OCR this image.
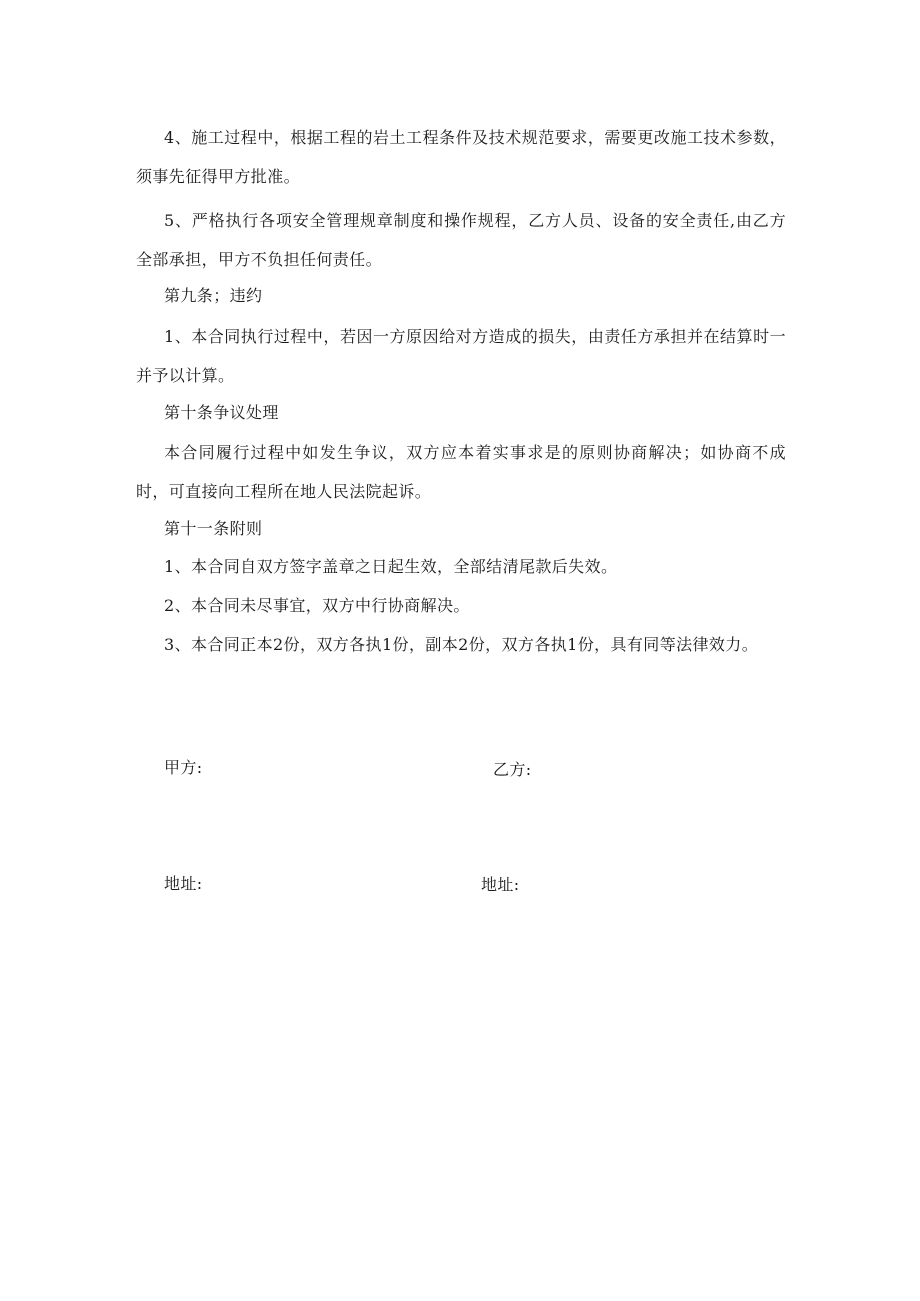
4、施工过程中，根据工程的岩土工程条件及技术规范要求，需要更改施工技术参数，须事先征得甲方批准。

5、严格执行各项安全管理规章制度和操作规程，乙方人员、设备的安全责任,由乙方全部承担，甲方不负担任何责任。

第九条；违约

1、本合同执行过程中，若因一方原因给对方造成的损失，由责任方承担并在结算时一并予以计算。

第十条争议处理

本合同履行过程中如发生争议，双方应本着实事求是的原则协商解决；如协商不成时，可直接向工程所在地人民法院起诉。

第十一条附则

1、本合同自双方签字盖章之日起生效，全部结清尾款后失效。

2、本合同未尽事宜，双方中行协商解决。

3、本合同正本2份，双方各执1份，副本2份，双方各执1份，具有同等法律效力。

甲方:	乙方:

地址:	地址:
